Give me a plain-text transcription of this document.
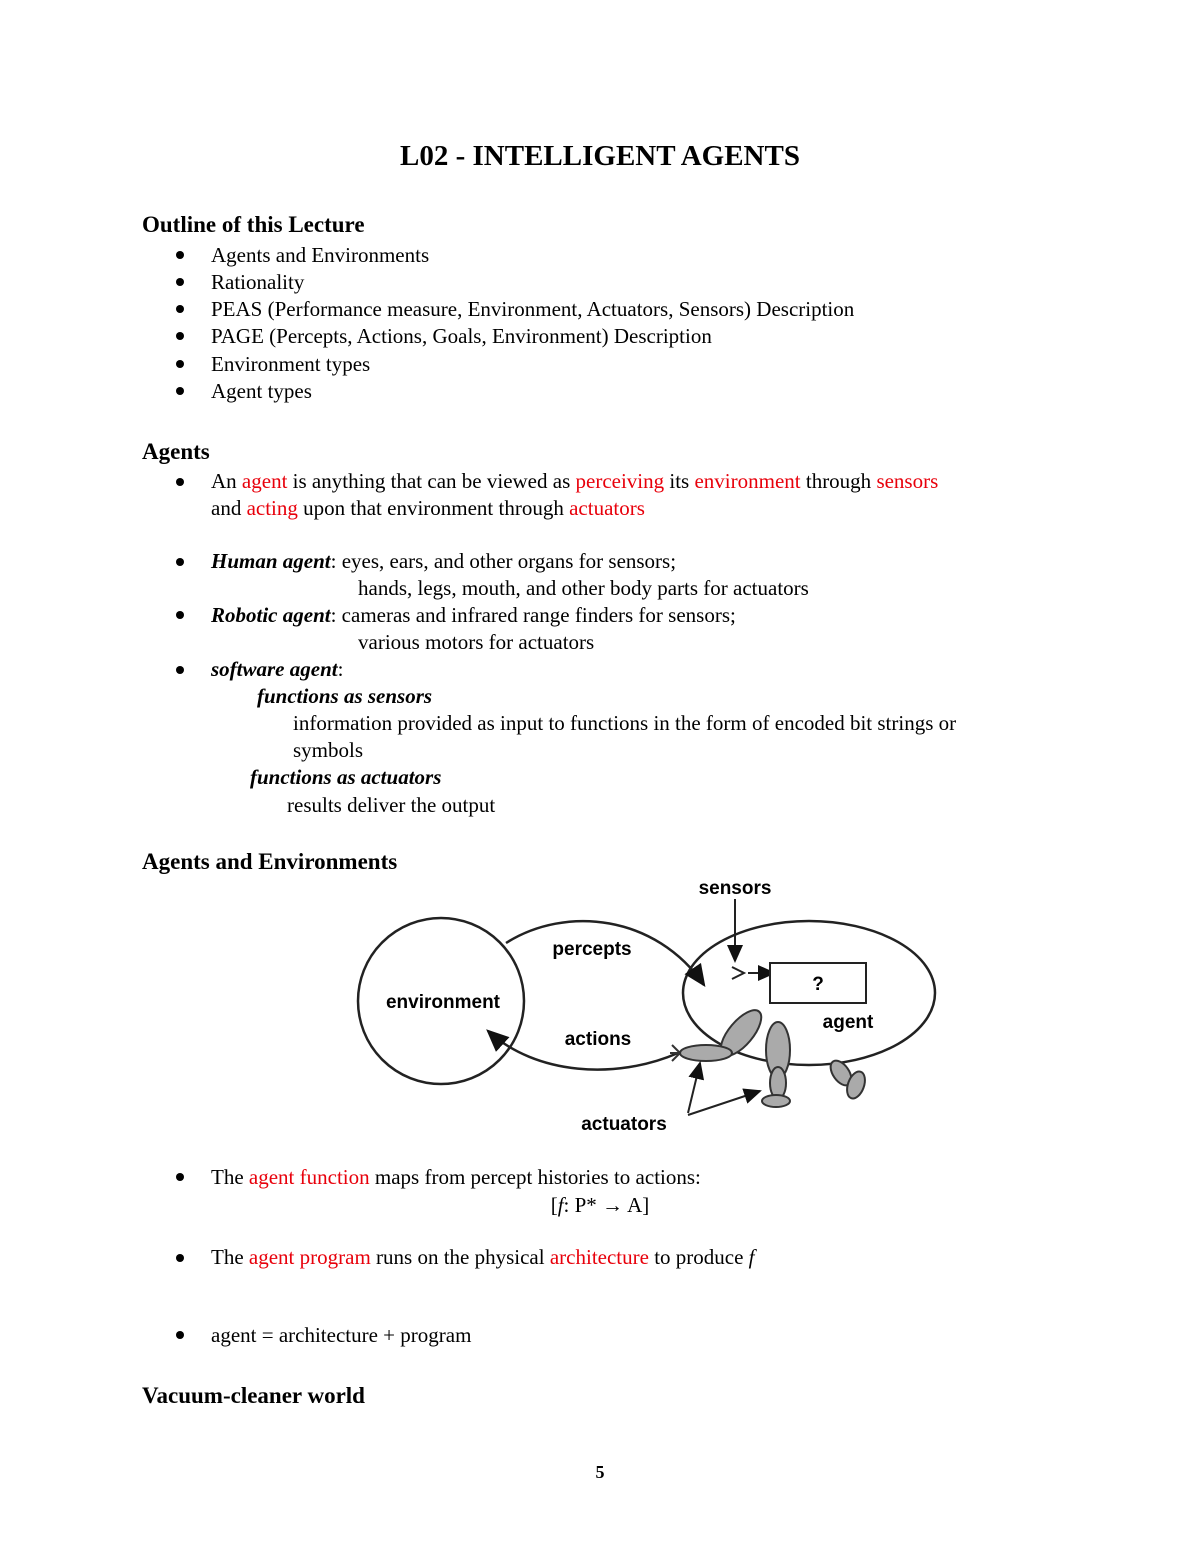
L02 - INTELLIGENT AGENTS
Outline of this Lecture
Agents and Environments
Rationality
PEAS (Performance measure, Environment, Actuators, Sensors) Description
PAGE (Percepts, Actions, Goals, Environment) Description
Environment types
Agent types
Agents
An agent is anything that can be viewed as perceiving its environment through sensors
and acting upon that environment through actuators
Human agent: eyes, ears, and other organs for sensors;
hands, legs, mouth, and other body parts for actuators
Robotic agent: cameras and infrared range finders for sensors;
various motors for actuators
software agent:
functions as sensors
information provided as input to functions in the form of encoded bit strings or
symbols
functions as actuators
results deliver the output
Agents and Environments
sensors
percepts
environment
?
agent
actions
actuators
The agent function maps from percept histories to actions:
[f: P* → A]
The agent program runs on the physical architecture to produce f
agent = architecture + program
Vacuum-cleaner world
5
